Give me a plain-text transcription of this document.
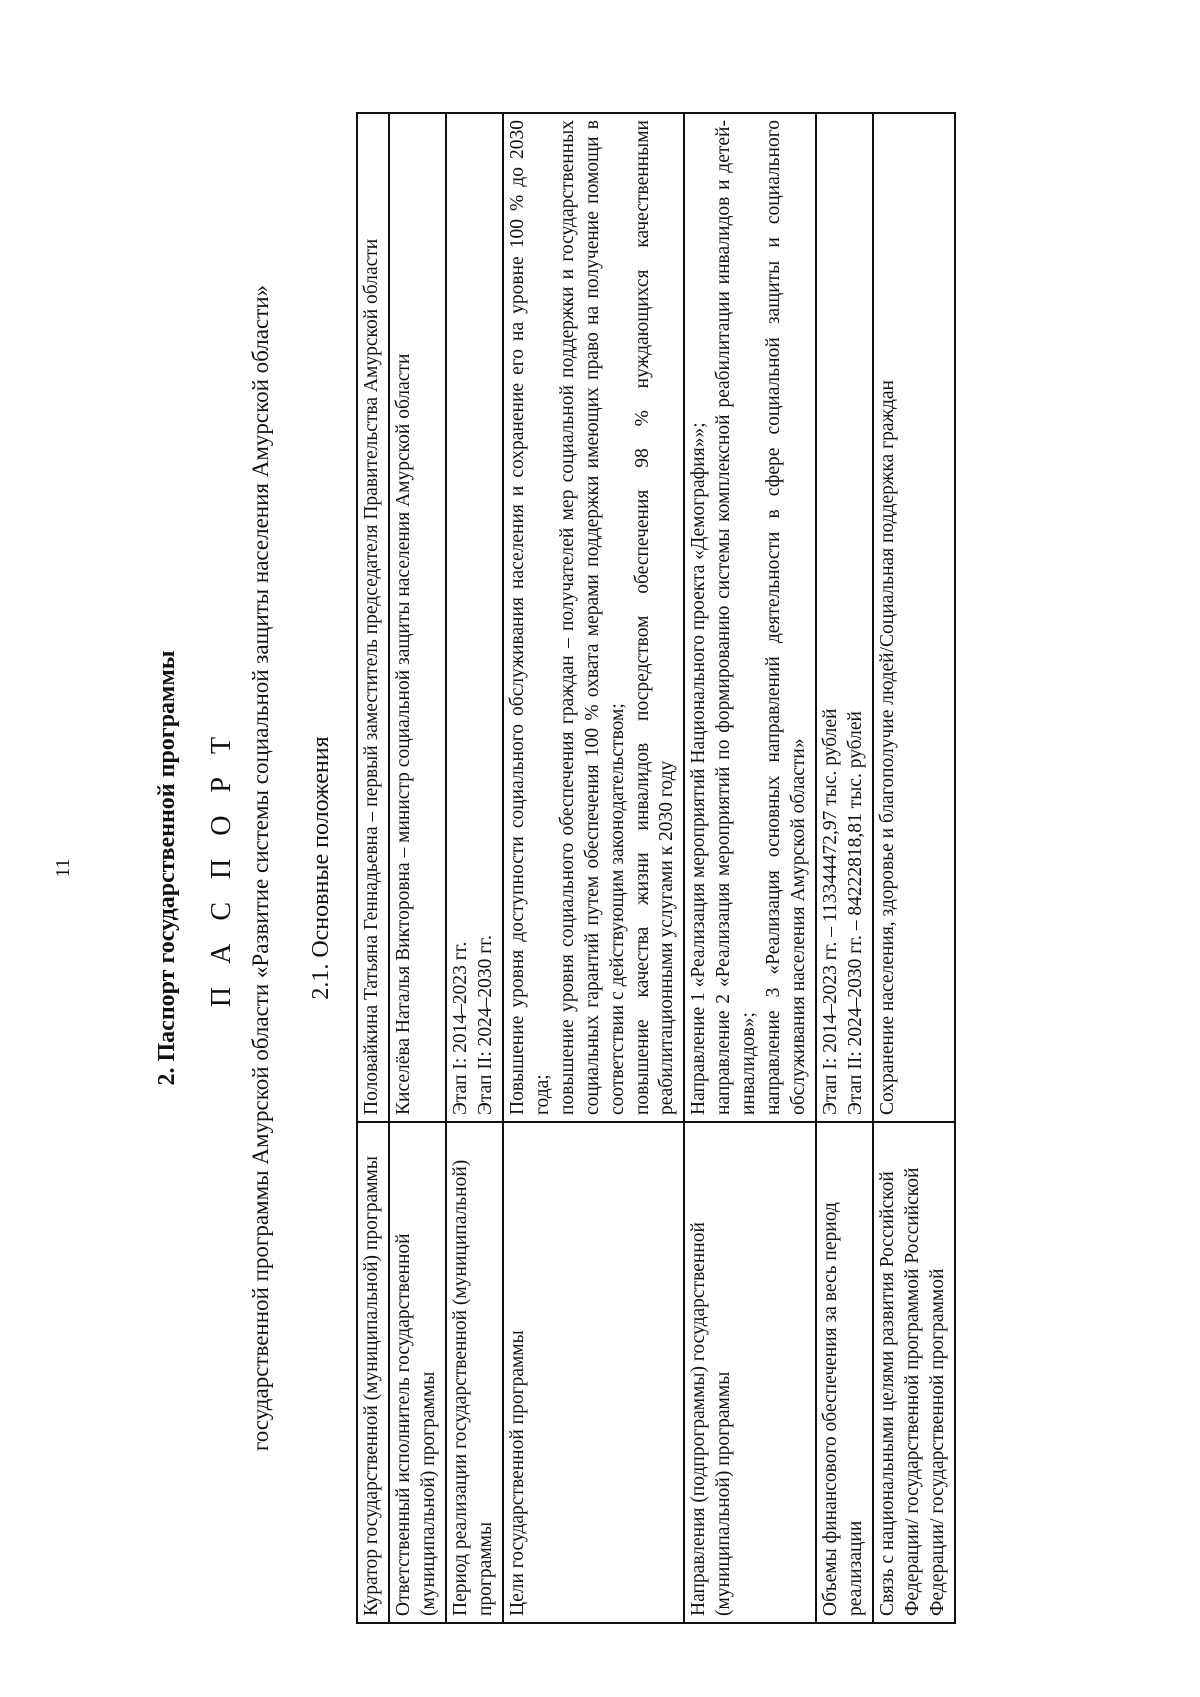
11	2. Паспорт государственной программы П А С П О Р Т государственной программы Амурской области «Развитие системы социальной защиты населения Амурской области» 2.1. Основные положения
Куратор государственной (муниципальной) программы	Половайкина Татьяна Геннадьевна – первый заместитель председателя Правительства Амурской области

Ответственный исполнитель государственной (муниципальной) программы	Киселёва Наталья Викторовна – министр социальной защиты населения Амурской области

Период реализации государственной (муниципальной) программы	Этап I: 2014–2023 гг. Этап II: 2024–2030 гг.

Цели государственной программы	Повышение уровня доступности социального обслуживания населения и сохранение его на уровне 100 % до 2030 года; повышение уровня социального обеспечения граждан – получателей мер социальной поддержки и государственных социальных гарантий путем обеспечения 100 % охвата мерами поддержки имеющих право на получение помощи в соответствии с действующим законодательством; повышение качества жизни инвалидов посредством обеспечения 98 % нуждающихся качественными реабилитационными услугами к 2030 году

Направления (подпрограммы) государственной (муниципальной) программы	Направление 1 «Реализация мероприятий Национального проекта «Демография»»; направление 2 «Реализация мероприятий по формированию системы комплексной реабилитации инвалидов и детей-инвалидов»; направление 3 «Реализация основных направлений деятельности в сфере социальной защиты и социального обслуживания населения Амурской области»

Объемы финансового обеспечения за весь период реализации	Этап I: 2014–2023 гг. – 113344472,97 тыс. рублей Этап II: 2024–2030 гг. – 84222818,81 тыс. рублей

Связь с национальными целями развития Российской Федерации/ государственной программой Российской Федерации/ государственной программой	Сохранение населения, здоровье и благополучие людей/Социальная поддержка граждан
